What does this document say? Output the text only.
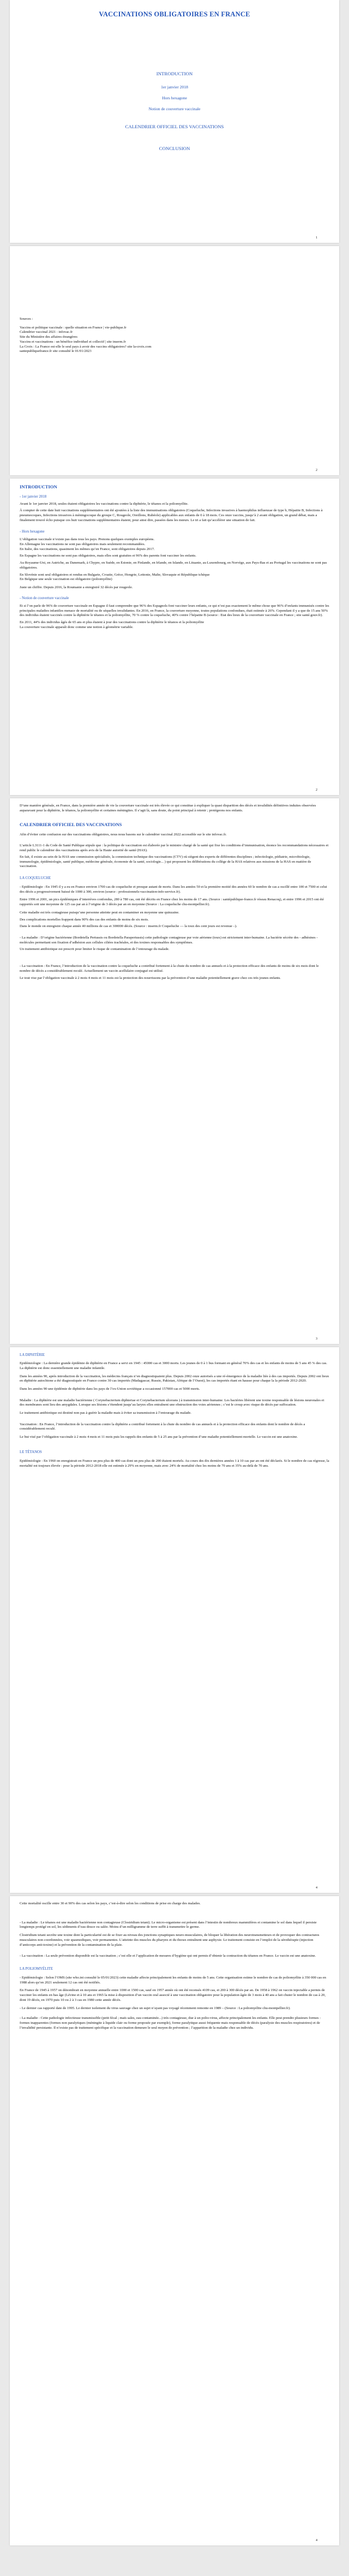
VACCINATIONS OBLIGATOIRES EN FRANCE

INTRODUCTION

1er janvier 2018

Hors hexagone

Notion de couverture vaccinale

CALENDRIER OFFICIEL DES VACCINATIONS

CONCLUSION

1

Sources :

Vaccins et politique vaccinale : quelle situation en France | vie-publique.fr

Calendrier vaccinal 2021 : infovac.fr

Site du Ministère des affaires étrangères

Vaccins et vaccinations : un bénéfice individuel et collectif | site inserm.fr

La Croix : La France est-elle le seul pays à avoir des vaccins obligatoires? site la-croix.com

santepubliquefrance.fr site consulté le 01/01/2023

2
INTRODUCTION

- 1er janvier 2018

Avant le 1er janvier 2018, seules étaient obligatoires les vaccinations contre la diphtérie, le tétanos et la poliomyélite.

À compter de cette date huit vaccinations supplémentaires ont été ajoutées à la liste des immunisations obligatoires (Coqueluche, Infections invasives à haemophilus influenzae de type b, Hépatite B, Infections à pneumocoques, Infections invasives à méningocoque du groupe C, Rougeole, Oreillons, Rubéole) applicables aux enfants de 0 à 18 mois. Ces onze vaccins, jusqu’à 2 avant obligation, un grand débat, mais a finalement trouvé écho puisque ces huit vaccinations supplémentaires étaient, pour ainsi dire, passées dans les mœurs. Le tri a fait qu’accélérer une situation de fait.

- Hors hexagone

L’obligation vaccinale n’existe pas dans tous les pays. Prenons quelques exemples européens.

En Allemagne les vaccinations ne sont pas obligatoires mais seulement recommandées.

En Italie, des vaccinations, quasiment les mêmes qu’en France, sont obligatoires depuis 2017.

En Espagne les vaccinations ne sont pas obligatoires, mais elles sont gratuites et 96% des parents font vacciner les enfants.

Au Royaume-Uni, en Autriche, au Danemark, à Chypre, en Suède, en Estonie, en Finlande, en Irlande, en Islande, en Lituanie, au Luxembourg, en Norvège, aux Pays-Bas et au Portugal les vaccinations ne sont pas obligatoires.

En Slovénie sont seul obligatoires et rendus en Bulgarie, Croatie, Grèce, Hongrie, Lettonie, Malte, Slovaquie et République tchèque

En Belgique une seule vaccination est obligatoire (poliomyélite)

Juste un chiffre. Depuis 2016, la Roumanie a enregistré 32 décès par rougeole.

- Notion de couverture vaccinale

Et si l’on parle de 96% de couverture vaccinale en Espagne il faut comprendre que 96% des Espagnols font vacciner leurs enfants, ce qui n’est pas exactement le même chose que 96% d’enfants immunisés contre les principales maladies infantiles menace de mortalité ou de séquelles invalidantes. En 2016, en France, la couverture moyenne, toutes populations confondues, était estimée à 26%. Cependant il y a que de 15 ans 50% des individus étaient vaccinés contre la diphtérie le tétanos et la poliomyélite, 70 % contre la coqueluche, 40% contre l’hépatite B (source : Etat des lieux de la couverture vaccinale en France ; site santé.gouv.fr).

En 2011, 44% des individus âgés de 65 ans et plus étaient à jour des vaccinations contre la diphtérie le tétanos et la poliomyélite

La couverture vaccinale apparaît donc comme une notion à géométrie variable.

2

D’une manière générale, en France, dans la première année de vie la couverture vaccinale est très élevée ce qui constitue à expliquer la quasi disparition des décès et invalidités définitives induites observées auparavant pour la diphtérie, le tétanos, la poliomyélite et certaines méningites. Il s’agit là, sans doute, du point principal à retenir ; protégeons nos enfants.

CALENDRIER OFFICIEL DES VACCINATIONS

Afin d’éviter cette confusion sur des vaccinations obligatoires, nous nous basons sur le calendrier vaccinal 2022 accessible sur le site infovac.fr.

L’article L3111-1 du Code de Santé Publique stipule que : la politique de vaccination est élaborée par le ministre chargé de la santé qui fixe les conditions d’immunisation, énonce les recommandations nécessaires et rend public le calendrier des vaccinations après avis de la Haute autorité de santé (HAS).

En fait, il existe au sein de la HAS une commission spécialisée, la commission technique des vaccinations (CTV) où siègent des experts de différentes disciplines ; infectiologie, pédiatrie, microbiologie, immunologie, épidémiologie, santé publique, médecine générale, économie de la santé, sociologie... ) qui proposent les délibérations du collège de la HAS relatives aux missions de la HAS en matière de vaccination.

LA COQUELUCHE

- Epidémiologie : En 1945 il y a eu en France environ 1700 cas de coqueluche et presque autant de morts. Dans les années 50 et la première moitié des années 60 le nombre de cas a oscillé entre 100 et 7500 et celui des décès a progressivement baissé de 1000 à 300, environ (source : professionnels-vaccination-info-service.fr).

Entre 1996 et 2001, un pics épidémiques d’interrèves confondus, 280 à 780 cas, ont été décrits en France chez les moins de 17 ans. (Source : santépublique-france.fr réseau Renacoq), et entre 1996 et 2015 ont été rapportés soit une moyenne de 125 cas par an à l’origine de 3 décès par an en moyenne (Source : La coqueluche chu-montpellier.fr).

Cette maladie est très contagieuse puisqu’une personne atteinte peut en contaminer en moyenne une quinzaine.

Des complications mortelles frappent dans 90% des cas des enfants de moins de six mois.

Dans le monde on enregistre chaque année 40 millions de cas et 300000 décès. (Source : inserm.fr Coqueluche — la toux des cent jours est revenue –).

- La maladie : D’origine bactérienne (Bordetella Pertussis ou Bordetella Parapertussis) cette pathologie contagieuse pur voie aérienne (toux) est strictement inter-humaine. La bactérie sécrète des - adhésines - molécules permettant son fixation d’adhésion aux cellules ciliées trachéales, et des toxines responsables des symptômes.

Un traitement antibiotique est prescrit pour limiter le risque de contamination de l’entourage du malade.

- La vaccination : En France, l’introduction de la vaccination contre la coqueluche a contribué fortement à la chute du nombre de cas annuels et à la protection efficace des enfants de moins de six mois dont le nombre de décès a considérablement reculé. Actuellement un vaccin acellulaire conjugué est utilisé.

Le tout vise par l’obligation vaccinale à 2 mois 4 mois et 11 mois est la protection des nourrissons par la prévention d’une maladie potentiellement grave chez ces très jeunes enfants.

3

LA DIPHTÉRIE

Epidémiologie : La dernière grande épidémie de diphtérie en France a servi en 1945 : 45000 cas et 3000 morts. Les jeunes de 0 à 1 bus formant en général 70% des cas et les enfants de moins de 5 ans 45 % des cas. La diphtérie est donc essentiellement une maladie infantile.

Dans les années 90, après introduction de la vaccination, les médecins français n’en diagnostiquaient plus. Depuis 2002 onze autorisés a une ré-émergence de la maladie liée à des cas importés. Depuis 2002 ont lieux en diphtérie autochtone a été diagnostiquée en France contre 30 cas importés (Madagascar, Russie, Pakistan, Afrique de l’Ouest), les cas importés étant en hausse pour chaque la la période 2012-2020.

Dans les années 90 une épidémie de diphtérie dans les pays de l’ex-Union soviétique a occasionné 157000 cas et 5000 morts.

Maladie : La diphtérie est une maladie bactérienne ( Corynebacterium diphteriae et Corynebacterium ulcerans ) à transmission inter-humaine. Les bactéries libèrent une toxine responsable de lésions neuronales et des membranes sont lieu des amygdales. Lorsque ses lésions s’étendent jusqu’au larynx elles entraînent une obstruction des voies aériennes ; c’est le croup avec risque de décès par suffocation.

Le traitement antibiotique est destiné non pas à guérir la maladie mais à éviter sa transmission à l’entourage du malade.

Vaccination : En France, l’introduction de la vaccination contre la diphtérie a contribué fortement à la chute du nombre de cas annuels et à la protection efficace des enfants dont le nombre de décès a considérablement reculé.

Le but visé par l’obligation vaccinale à 2 mois 4 mois et 11 mois puis les rappels des enfants de 5 à 25 ans par la prévention d’une maladie potentiellement mortelle. Le vaccin est une anatoxine.

LE TÉTANOS

Epidémiologie : En 1960 on enregistrait en France un peu plus de 400 cas dont un peu plus de 200 étaient mortels. Au cours des dix dernières années 1 à 10 cas par an ont été déclarés. Si le nombre de cas régresse, la mortalité est toujours élevée : pour la période 2012-2018 elle est estimée à 29% en moyenne, mais avec 24% de mortalité chez les moins de 70 ans et 35% au-delà de 70 ans.

4

Cette mortalité oscille entre 30 et 90% des cas selon les pays, c’est-à-dire selon les conditions de prise en charge des malades.

- La maladie : Le tétanos est une maladie bactérienne non contagieuse (Clostridium tetani). Le micro-organisme est présent dans l’intestin de nombreux mammifères et contamine le sol dans lequel il persiste longtemps protégé en sol, les sédiments d’eau douce ou salée. Moins d’un milligramme de terre suffit à transmettre le germe.

Clostridium tetani secrète une toxine dont la particularité est de se fixer au niveau des jonctions synaptiques neuro-musculaires, de bloquer la libération des neurotransmetteurs et de provoquer des contractures musculaires non coordonnées, voir spasmodiques, voir permanentes. L’atteinte des muscles du pharynx et du thorax entraînent une asphyxie. Le traitement consiste en l’emploi de la sérothérapie (injection d’anticorps anti-toxine) et la prévention de la contamination de la plaie.

- La vaccination : La seule prévention disponible est la vaccination ; c’est elle et l’application de mesures d’hygiène qui ont permis d’obtenir la contraction du tétanos en France. Le vaccin est une anatoxine.

LA POLIOMYÉLITE

- Epidémiologie : Selon l’OMS (site who.int consulté le 05/01/2023) cette maladie affecte principalement les enfants de moins de 5 ans. Cette organisation estime le nombre de cas de poliomyélite à 350 000 cas en 1988 alors qu’en 2021 seulement 12 cas ont été notifiés.

En France de 1945 à 1957 on dénombrait en moyenne annuelle entre 1000 et 1500 cas, sauf en 1957 année où ont été recensés 4109 cas, et 200 à 300 décès par an. De 1958 à 1962 on vaccin injectable a permis de vacciner les enfants en bas âge (Lévine et à 10 ans et 1965 la mise à disposition d’un vaccin oral associé à une vaccination obligatoire pour la population âgée de 3 mois à 40 ans a fait chuter le nombre de cas à 20, dont 19 décès, en 1970 puis 10 ou 2 à 3 cas en 1980 cette année décès.

- Le dernier cas rapporté date de 1995. Le dernier isolement du virus sauvage chez un sujet n’ayant pas voyagé récemment remonte en 1989 – (Source : La poliomyélite chu-montpellier.fr).

- La maladie : Cette pathologie infectieuse transmissible (petit fécal ; maïs sales, eau contaminée...) très contagieuse, due à un polio-virus, affecte principalement les enfants. Elle peut prendre plusieurs formes : formes inapparentes (formes non paralytiques (méningite à liquide clair ou forme proposée par exemple), forme paralytique aussi fréquente mais responsable de décès (paralysie des muscles respiratoires) et de l’invalidité persistante. Il n’existe pas de traitement spécifique et la vaccination demeure le seul moyen de prévention ; l’apparition de la maladie chez un individu.

4
